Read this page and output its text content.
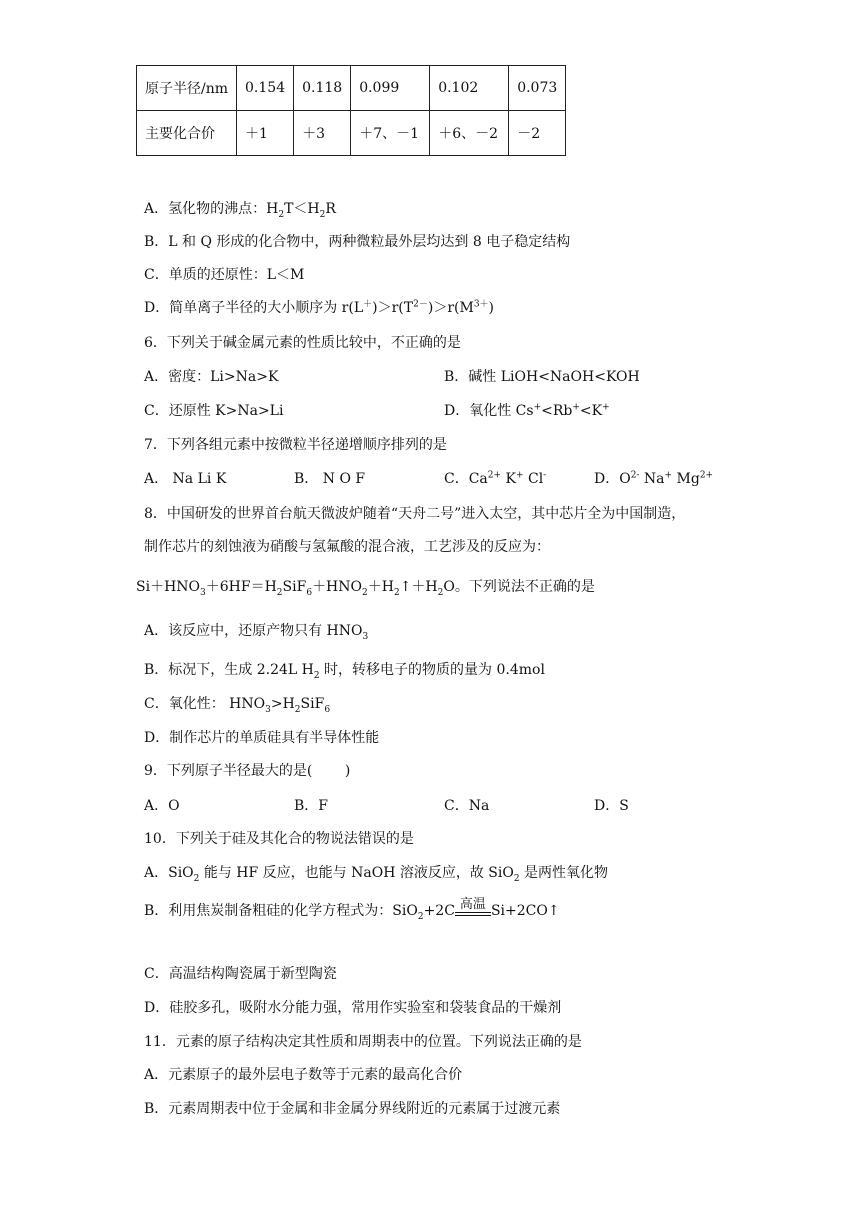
原子半径/nm	0.154	0.118	0.099	0.102	0.073
主要化合价	＋1	＋3	＋7、－1	＋6、－2	－2
A．氢化物的沸点：$H_2T<H_2R$
B．L 和 Q 形成的化合物中，两种微粒最外层均达到 8 电子稳定结构
C．单质的还原性：L＜M
D．简单离子半径的大小顺序为 $r(L^+)>r(T^{2-})>r(M^{3+})$
6．下列关于碱金属元素的性质比较中，不正确的是
A．密度：Li>Na>K	B．碱性 LiOH<NaOH<KOH
C．还原性 K>Na>Li	D．氧化性 Cs+<Rb+<K+
7．下列各组元素中按微粒半径递增顺序排列的是
A． Na Li K	B． N O F	C．$Ca^{2+}$ K+ Cl-	D．$O^{2-}$ Na+ $Mg^{2+}$
8．中国研发的世界首台航天微波炉随着“天舟二号”进入太空，其中芯片全为中国制造，
制作芯片的刻蚀液为硝酸与氢氟酸的混合液，工艺涉及的反应为：
$Si+HNO_3+6HF=H_2SiF_6+HNO_2+H_2↑+H_2O$。下列说法不正确的是
A．该反应中，还原产物只有 $HNO_3$
B．标况下，生成 2.24L $H_2$ 时，转移电子的物质的量为 0.4mol
C．氧化性： $HNO_3>H_2SiF_6$
D．制作芯片的单质硅具有半导体性能
9．下列原子半径最大的是(　　 )
A．O	B．F	C．Na	D．S
10．下列关于硅及其化合的物说法错误的是
A．SiO$_2$ 能与 HF 反应，也能与 NaOH 溶液反应，故 SiO$_2$ 是两性氧化物
B．利用焦炭制备粗硅的化学方程式为：SiO$_2$+2C 高温 Si+2CO↑
C．高温结构陶瓷属于新型陶瓷
D．硅胶多孔，吸附水分能力强，常用作实验室和袋装食品的干燥剂
11．元素的原子结构决定其性质和周期表中的位置。下列说法正确的是
A．元素原子的最外层电子数等于元素的最高化合价
B．元素周期表中位于金属和非金属分界线附近的元素属于过渡元素
